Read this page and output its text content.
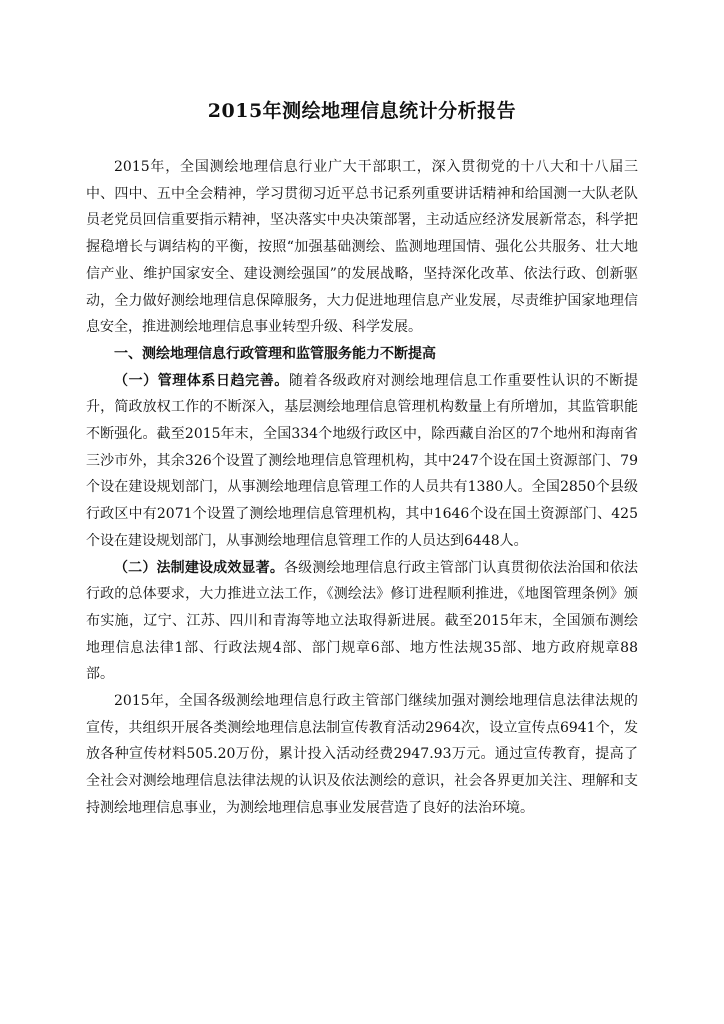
2015年测绘地理信息统计分析报告

2015年，全国测绘地理信息行业广大干部职工，深入贯彻党的十八大和十八届三中、四中、五中全会精神，学习贯彻习近平总书记系列重要讲话精神和给国测一大队老队员老党员回信重要指示精神，坚决落实中央决策部署，主动适应经济发展新常态，科学把握稳增长与调结构的平衡，按照“加强基础测绘、监测地理国情、强化公共服务、壮大地信产业、维护国家安全、建设测绘强国”的发展战略，坚持深化改革、依法行政、创新驱动，全力做好测绘地理信息保障服务，大力促进地理信息产业发展，尽责维护国家地理信息安全，推进测绘地理信息事业转型升级、科学发展。

一、测绘地理信息行政管理和监管服务能力不断提高

（一）管理体系日趋完善。随着各级政府对测绘地理信息工作重要性认识的不断提升，简政放权工作的不断深入，基层测绘地理信息管理机构数量上有所增加，其监管职能不断强化。截至2015年末，全国334个地级行政区中，除西藏自治区的7个地州和海南省三沙市外，其余326个设置了测绘地理信息管理机构，其中247个设在国土资源部门、79个设在建设规划部门，从事测绘地理信息管理工作的人员共有1380人。全国2850个县级行政区中有2071个设置了测绘地理信息管理机构，其中1646个设在国土资源部门、425个设在建设规划部门，从事测绘地理信息管理工作的人员达到6448人。

（二）法制建设成效显著。各级测绘地理信息行政主管部门认真贯彻依法治国和依法行政的总体要求，大力推进立法工作，《测绘法》修订进程顺利推进，《地图管理条例》颁布实施，辽宁、江苏、四川和青海等地立法取得新进展。截至2015年末，全国颁布测绘地理信息法律1部、行政法规4部、部门规章6部、地方性法规35部、地方政府规章88部。

2015年，全国各级测绘地理信息行政主管部门继续加强对测绘地理信息法律法规的宣传，共组织开展各类测绘地理信息法制宣传教育活动2964次，设立宣传点6941个，发放各种宣传材料505.20万份，累计投入活动经费2947.93万元。通过宣传教育，提高了全社会对测绘地理信息法律法规的认识及依法测绘的意识，社会各界更加关注、理解和支持测绘地理信息事业，为测绘地理信息事业发展营造了良好的法治环境。
